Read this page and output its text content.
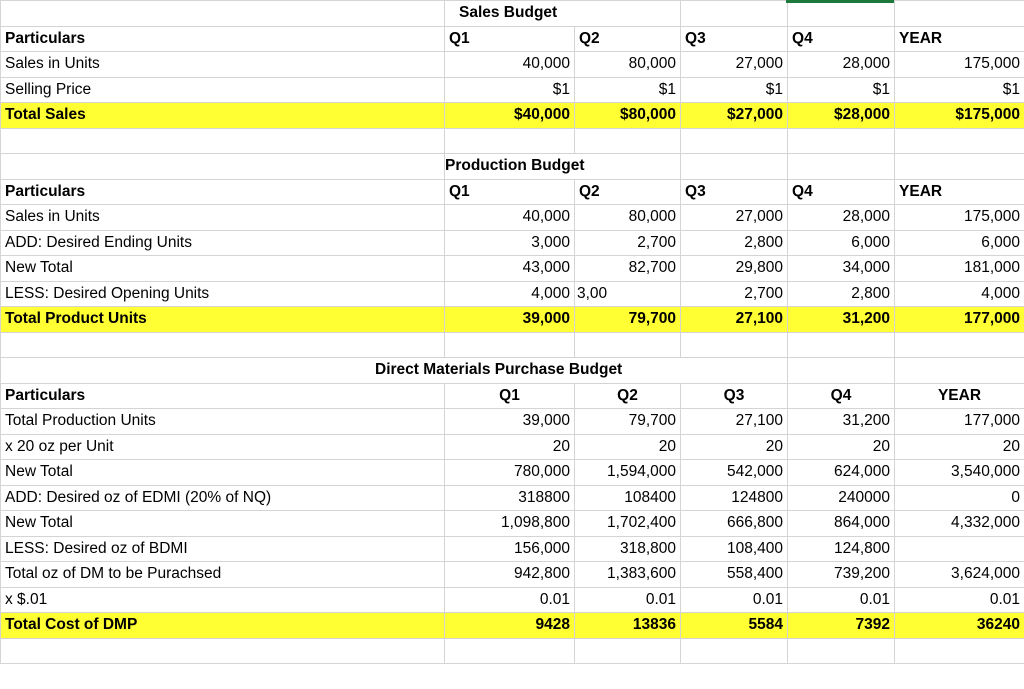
	Sales Budget				
Particulars	Q1	Q2	Q3	Q4	YEAR
Sales in Units	40,000	80,000	27,000	28,000	175,000
Selling Price	$1	$1	$1	$1	$1
Total Sales	$40,000	$80,000	$27,000	$28,000	$175,000

	Production Budget				
Particulars	Q1	Q2	Q3	Q4	YEAR
Sales in Units	40,000	80,000	27,000	28,000	175,000
ADD: Desired Ending Units	3,000	2,700	2,800	6,000	6,000
New Total	43,000	82,700	29,800	34,000	181,000
LESS: Desired Opening Units	4,000	3,00	2,700	2,800	4,000
Total Product Units	39,000	79,700	27,100	31,200	177,000

	Direct Materials Purchase Budget				

Particulars	Q1	Q2	Q3	Q4	YEAR
Total Production Units	39,000	79,700	27,100	31,200	177,000
x 20 oz per Unit	20	20	20	20	20
New Total	780,000	1,594,000	542,000	624,000	3,540,000
ADD: Desired oz of EDMI (20% of NQ)	318800	108400	124800	240000	0
New Total	1,098,800	1,702,400	666,800	864,000	4,332,000
LESS: Desired oz of BDMI	156,000	318,800	108,400	124,800	
Total oz of DM to be Purachsed	942,800	1,383,600	558,400	739,200	3,624,000
x $.01	0.01	0.01	0.01	0.01	0.01
Total Cost of DMP	9428	13836	5584	7392	36240
